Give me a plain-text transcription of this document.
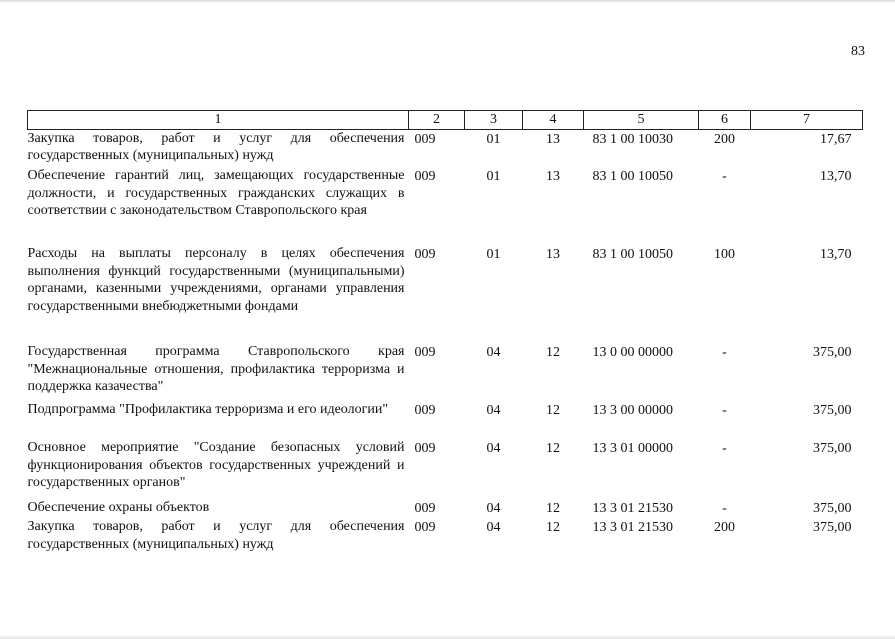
83
1	2	3	4	5	6	7
Закупка товаров, работ и услуг для обеспечения государственных (муниципальных) нужд	009	01	13	83 1 00 10030	200	17,67
Обеспечение гарантий лиц, замещающих государственные должности, и государственных гражданских служащих в соответствии с законодательством Ставропольского края	009	01	13	83 1 00 10050	-	13,70
Расходы на выплаты персоналу в целях обеспечения выполнения функций государственными (муниципальными) органами, казенными учреждениями, органами управления государственными внебюджетными фондами	009	01	13	83 1 00 10050	100	13,70
Государственная программа Ставропольского края "Межнациональные отношения, профилактика терроризма и поддержка казачества"	009	04	12	13 0 00 00000	-	375,00
Подпрограмма "Профилактика терроризма и его идеологии"	009	04	12	13 3 00 00000	-	375,00
Основное мероприятие "Создание безопасных условий функционирования объектов государственных учреждений и государственных органов"	009	04	12	13 3 01 00000	-	375,00
Обеспечение охраны объектов	009	04	12	13 3 01 21530	-	375,00
Закупка товаров, работ и услуг для обеспечения государственных (муниципальных) нужд	009	04	12	13 3 01 21530	200	375,00
